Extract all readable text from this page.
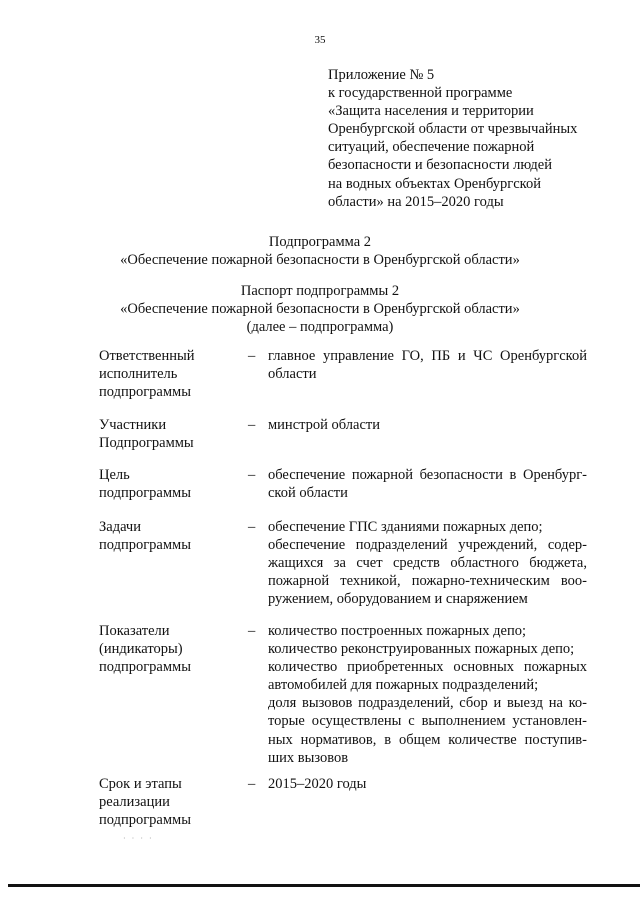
35
Приложение № 5
к государственной программе
«Защита населения и территории
Оренбургской области от чрезвычайных
ситуаций, обеспечение пожарной
безопасности и безопасности людей
на водных объектах Оренбургской
области» на 2015–2020 годы
Подпрограмма 2
«Обеспечение пожарной безопасности в Оренбургской области»
Паспорт подпрограммы 2
«Обеспечение пожарной безопасности в Оренбургской области»
(далее – подпрограмма)
Ответственный
исполнитель
подпрограммы
– главное управление ГО, ПБ и ЧС Оренбургской
области
Участники
Подпрограммы
– минстрой области
Цель
подпрограммы
– обеспечение пожарной безопасности в Оренбург-
ской области
Задачи
подпрограммы
– обеспечение ГПС зданиями пожарных депо;
обеспечение подразделений учреждений, содер-
жащихся за счет средств областного бюджета,
пожарной техникой, пожарно-техническим воо-
ружением, оборудованием и снаряжением
Показатели
(индикаторы)
подпрограммы
– количество построенных пожарных депо;
количество реконструированных пожарных депо;
количество приобретенных основных пожарных
автомобилей для пожарных подразделений;
доля вызовов подразделений, сбор и выезд на ко-
торые осуществлены с выполнением установлен-
ных нормативов, в общем количестве поступив-
ших вызовов
Срок и этапы
реализации
подпрограммы
– 2015–2020 годы
· · · ·
